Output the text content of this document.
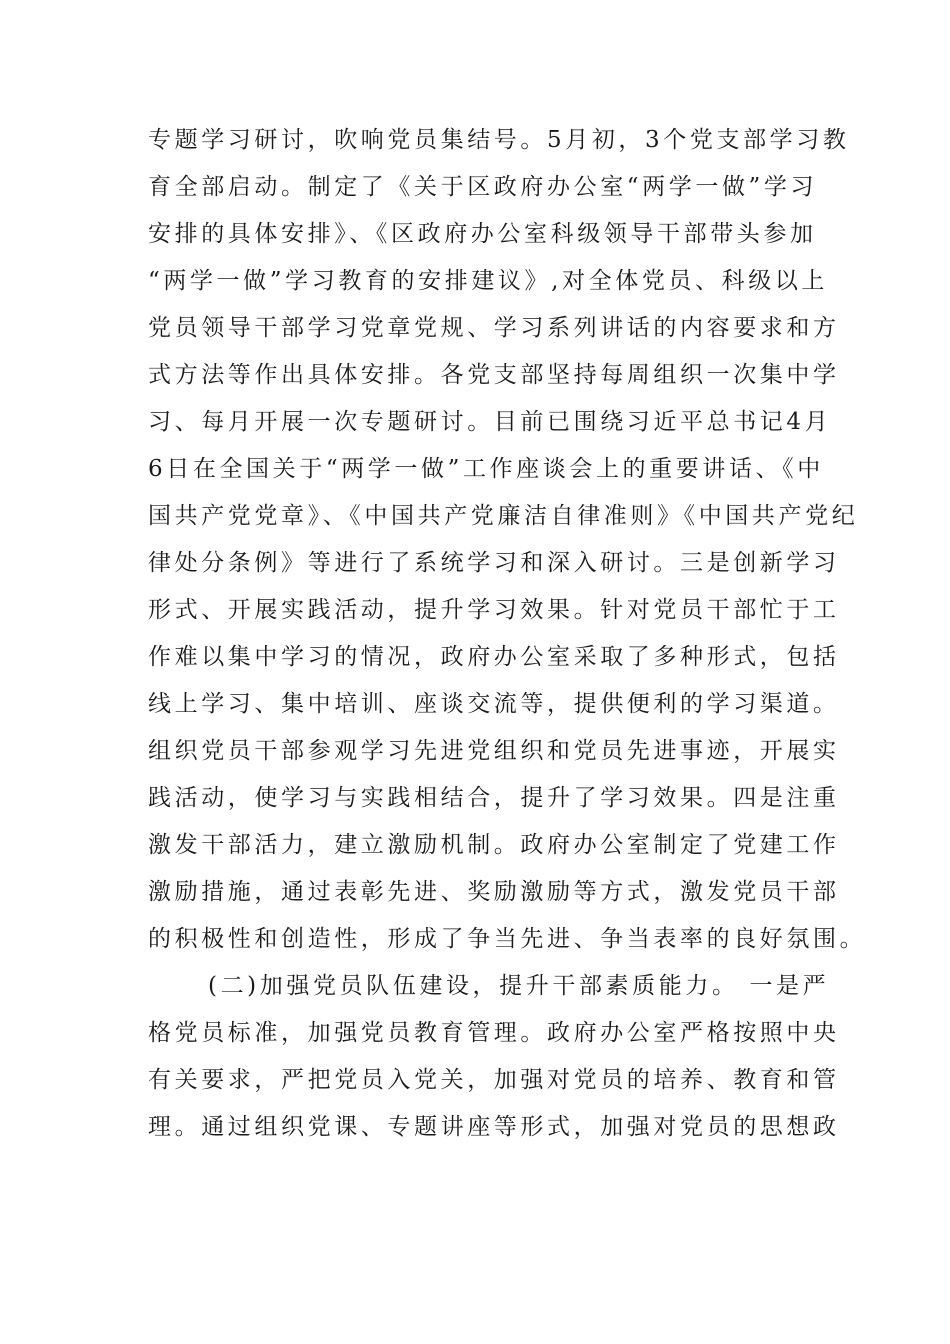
专题学习研讨，吹响党员集结号。5月初，3个党支部学习教
育全部启动。制定了《关于区政府办公室“两学一做”学习
安排的具体安排》、《区政府办公室科级领导干部带头参加
“两学一做”学习教育的安排建议》,对全体党员、科级以上
党员领导干部学习党章党规、学习系列讲话的内容要求和方
式方法等作出具体安排。各党支部坚持每周组织一次集中学
习、每月开展一次专题研讨。目前已围绕习近平总书记4月
6日在全国关于“两学一做”工作座谈会上的重要讲话、《中
国共产党党章》、《中国共产党廉洁自律准则》《中国共产党纪
律处分条例》等进行了系统学习和深入研讨。三是创新学习
形式、开展实践活动，提升学习效果。针对党员干部忙于工
作难以集中学习的情况，政府办公室采取了多种形式，包括
线上学习、集中培训、座谈交流等，提供便利的学习渠道。
组织党员干部参观学习先进党组织和党员先进事迹，开展实
践活动，使学习与实践相结合，提升了学习效果。四是注重
激发干部活力，建立激励机制。政府办公室制定了党建工作
激励措施，通过表彰先进、奖励激励等方式，激发党员干部
的积极性和创造性，形成了争当先进、争当表率的良好氛围。
(二)加强党员队伍建设，提升干部素质能力。 一是严
格党员标准，加强党员教育管理。政府办公室严格按照中央
有关要求，严把党员入党关，加强对党员的培养、教育和管
理。通过组织党课、专题讲座等形式，加强对党员的思想政
